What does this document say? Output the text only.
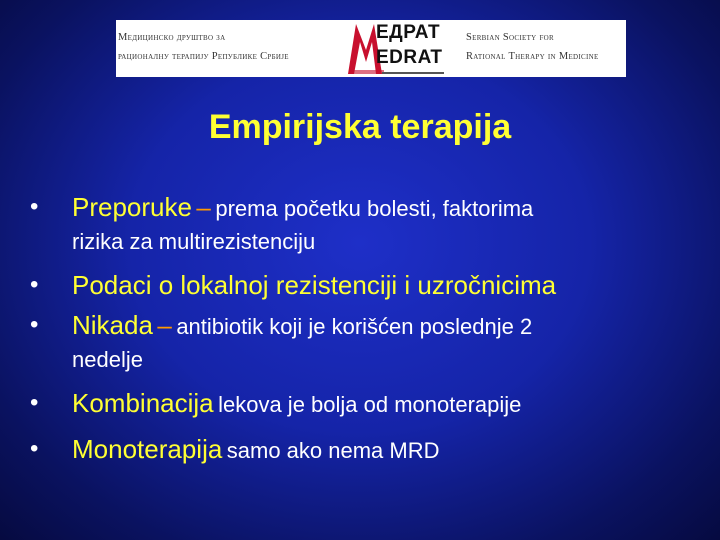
Медицинско друштво за
рационалну терапију Републике Србије
ЕДРАТ
EDRAT
Serbian Society for
Rational Therapy in Medicine
Empirijska terapija
• Preporuke – prema početku bolesti, faktorima
rizika za multirezistenciju
• Podaci o lokalnoj rezistenciji i uzročnicima
• Nikada – antibiotik koji je korišćen poslednje 2
nedelje
• Kombinacija lekova je bolja od monoterapije
• Monoterapija samo ako nema MRD
